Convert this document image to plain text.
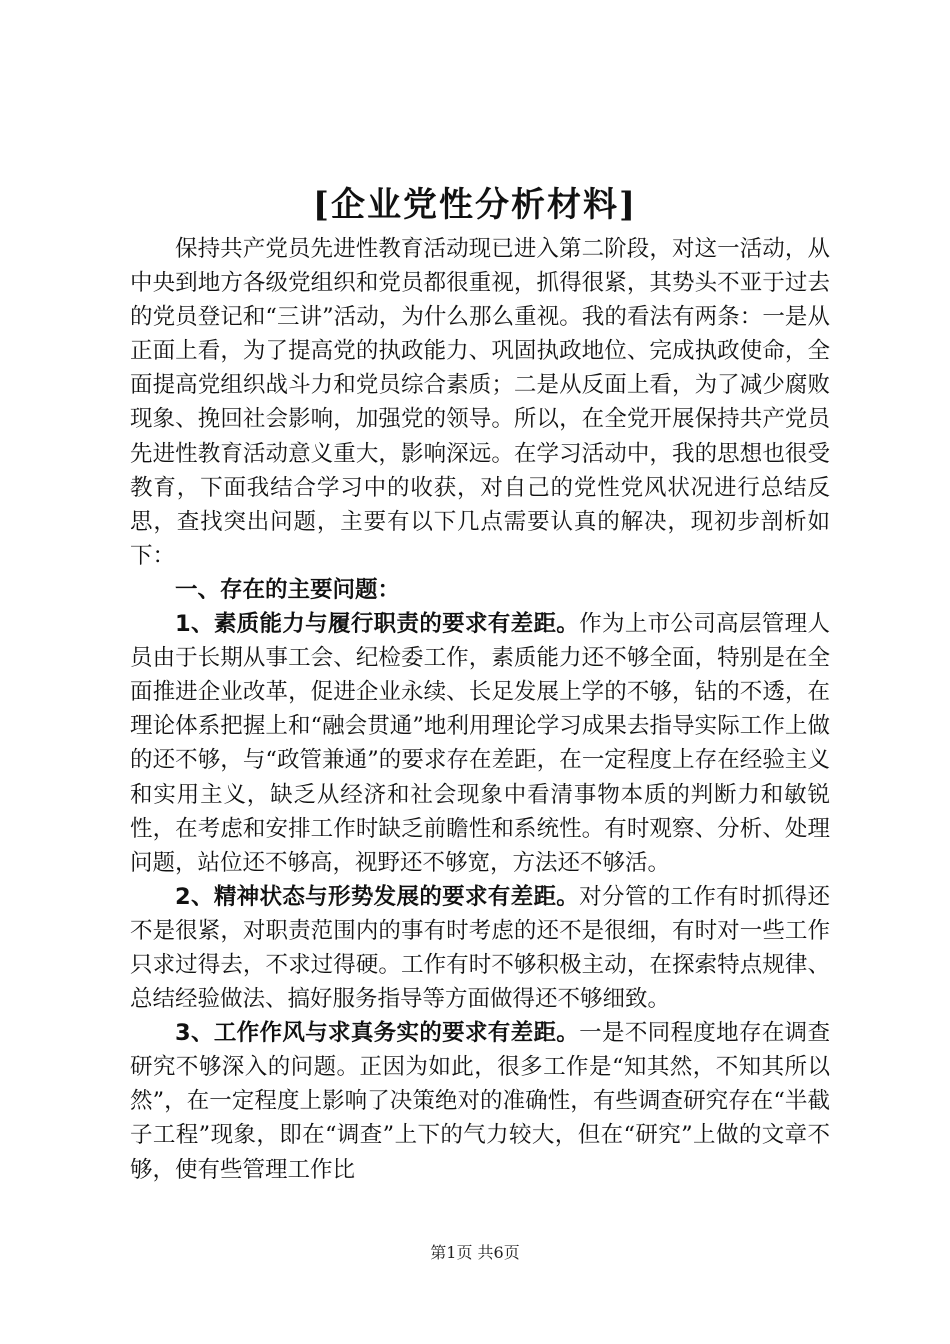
[企业党性分析材料]

保持共产党员先进性教育活动现已进入第二阶段，对这一活动，从中央到地方各级党组织和党员都很重视，抓得很紧，其势头不亚于过去的党员登记和“三讲”活动，为什么那么重视。我的看法有两条：一是从正面上看，为了提高党的执政能力、巩固执政地位、完成执政使命，全面提高党组织战斗力和党员综合素质；二是从反面上看，为了减少腐败现象、挽回社会影响，加强党的领导。所以，在全党开展保持共产党员先进性教育活动意义重大，影响深远。在学习活动中，我的思想也很受教育，下面我结合学习中的收获，对自己的党性党风状况进行总结反思，查找突出问题，主要有以下几点需要认真的解决，现初步剖析如下：

一、存在的主要问题：

1、素质能力与履行职责的要求有差距。作为上市公司高层管理人员由于长期从事工会、纪检委工作，素质能力还不够全面，特别是在全面推进企业改革，促进企业永续、长足发展上学的不够，钻的不透，在理论体系把握上和“融会贯通”地利用理论学习成果去指导实际工作上做的还不够，与“政管兼通”的要求存在差距，在一定程度上存在经验主义和实用主义，缺乏从经济和社会现象中看清事物本质的判断力和敏锐性，在考虑和安排工作时缺乏前瞻性和系统性。有时观察、分析、处理问题，站位还不够高，视野还不够宽，方法还不够活。

2、精神状态与形势发展的要求有差距。对分管的工作有时抓得还不是很紧，对职责范围内的事有时考虑的还不是很细，有时对一些工作只求过得去，不求过得硬。工作有时不够积极主动，在探索特点规律、总结经验做法、搞好服务指导等方面做得还不够细致。

3、工作作风与求真务实的要求有差距。一是不同程度地存在调查研究不够深入的问题。正因为如此，很多工作是“知其然，不知其所以然”，在一定程度上影响了决策绝对的准确性，有些调查研究存在“半截子工程”现象，即在“调查”上下的气力较大，但在“研究”上做的文章不够，使有些管理工作比

第1页 共6页
